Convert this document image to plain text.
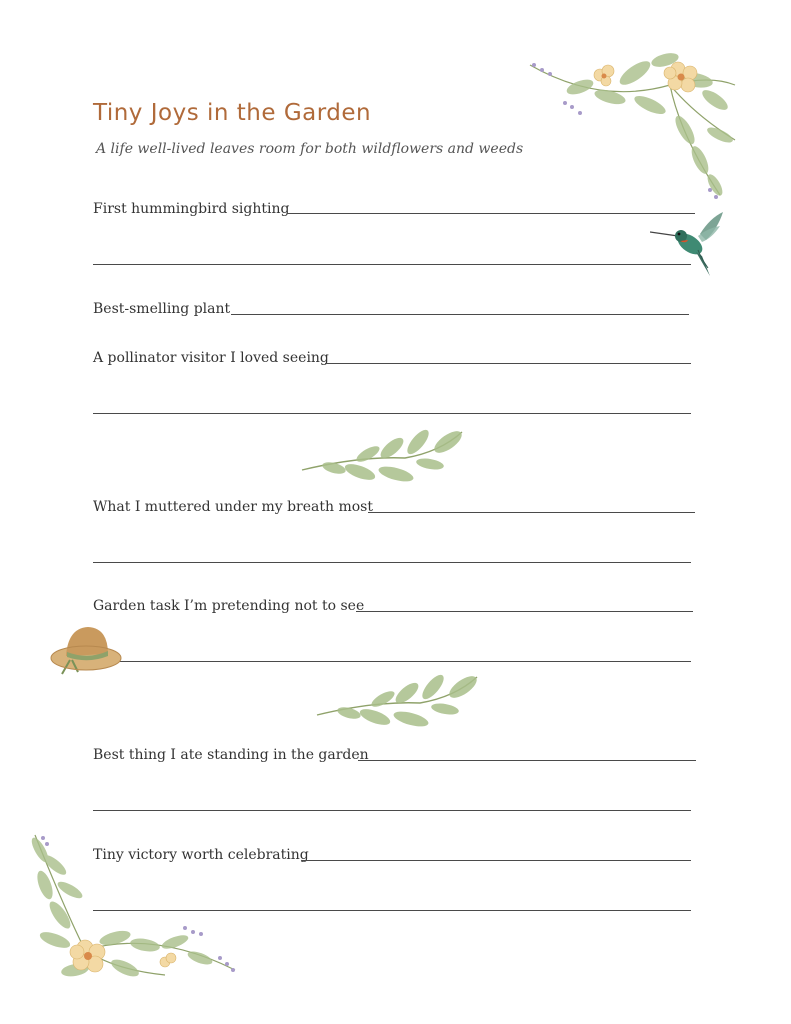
Tiny Joys in the Garden
A life well-lived leaves room for both wildflowers and weeds
First hummingbird sighting
Best-smelling plant
A pollinator visitor I loved seeing
What I muttered under my breath most
Garden task I’m pretending not to see
Best thing I ate standing in the garden
Tiny victory worth celebrating
